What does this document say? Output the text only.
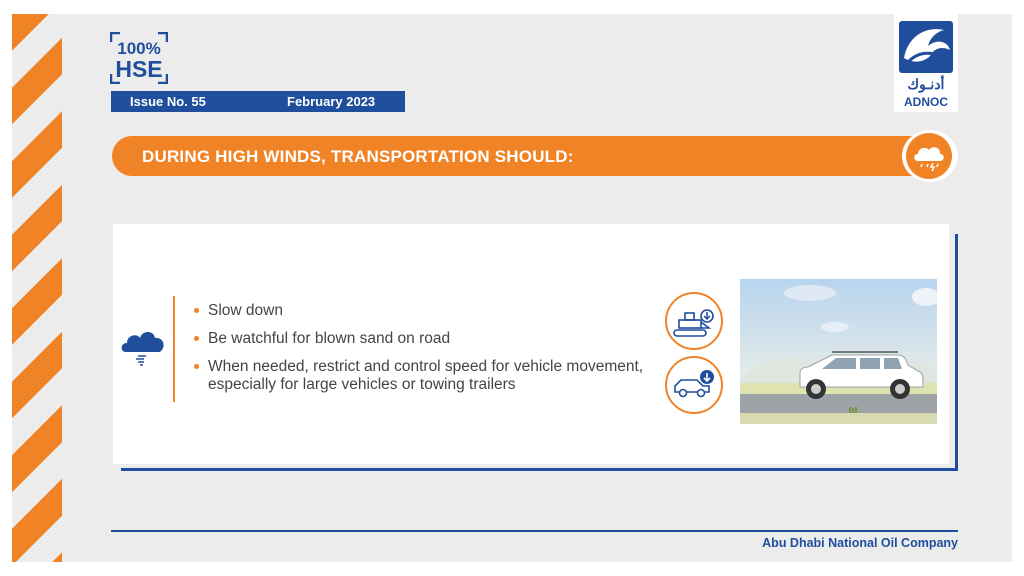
100%
HSE
Issue No. 55	February 2023
أدنـوك
ADNOC
DURING HIGH WINDS, TRANSPORTATION SHOULD:
Slow down
Be watchful for blown sand on road
When needed, restrict and control speed for vehicle movement, especially for large vehicles or towing trailers
Abu Dhabi National Oil Company
